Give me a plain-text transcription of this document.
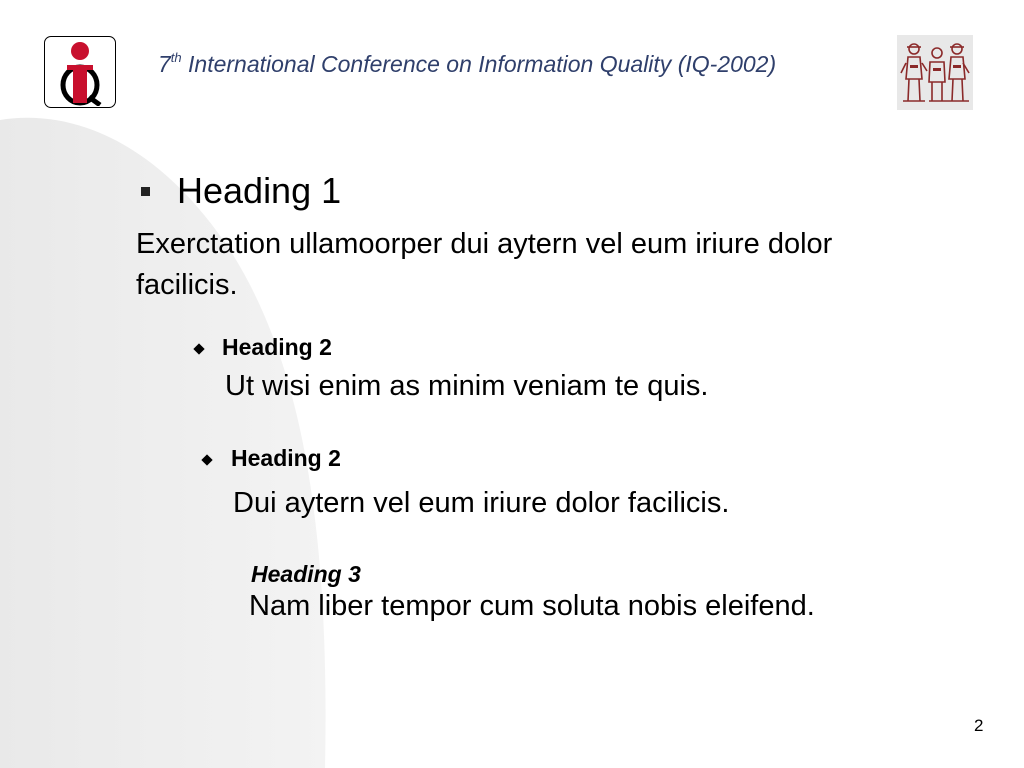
7th International Conference on Information Quality (IQ-2002)
Heading 1
Exerctation ullamoorper dui aytern vel eum iriure dolor facilicis.
Heading 2
Ut wisi enim as minim veniam te quis.
Heading 2
Dui aytern vel eum iriure dolor facilicis.
Heading 3
Nam liber tempor cum soluta nobis eleifend.
2
